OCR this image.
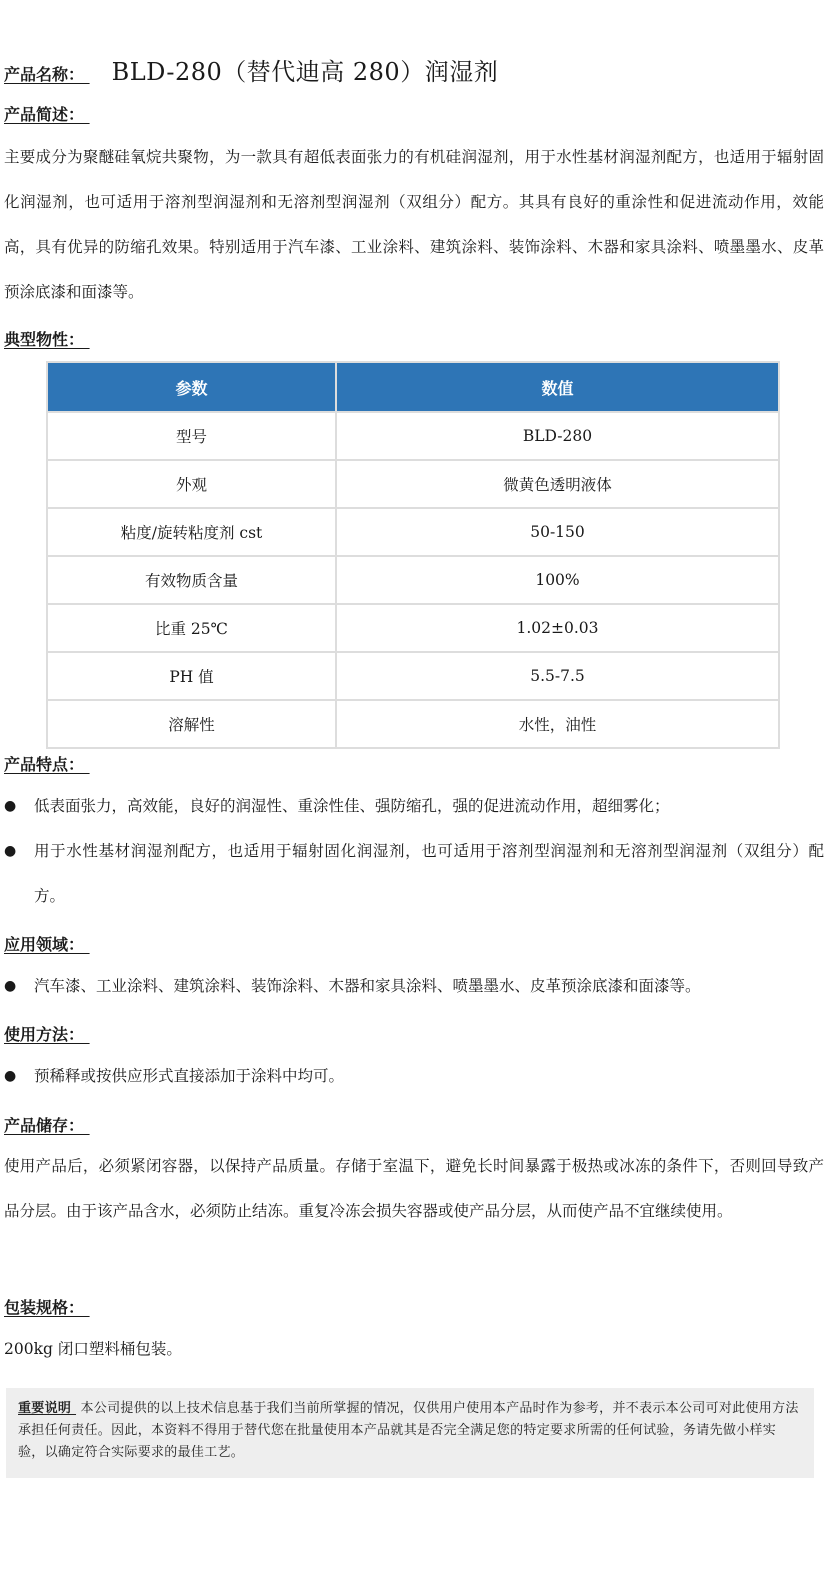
产品名称： BLD-280（替代迪高 280）润湿剂
产品简述：

主要成分为聚醚硅氧烷共聚物，为一款具有超低表面张力的有机硅润湿剂，用于水性基材润湿剂配方，也适用于辐射固化润湿剂，也可适用于溶剂型润湿剂和无溶剂型润湿剂（双组分）配方。其具有良好的重涂性和促进流动作用，效能高，具有优异的防缩孔效果。特别适用于汽车漆、工业涂料、建筑涂料、装饰涂料、木器和家具涂料、喷墨墨水、皮革预涂底漆和面漆等。

典型物性：
参数	数值
型号	BLD-280
外观	微黄色透明液体
粘度/旋转粘度剂 cst	50-150
有效物质含量	100%
比重 25℃	1.02±0.03
PH 值	5.5-7.5
溶解性	水性，油性
产品特点：
●	低表面张力，高效能，良好的润湿性、重涂性佳、强防缩孔，强的促进流动作用，超细雾化；
●	用于水性基材润湿剂配方，也适用于辐射固化润湿剂，也可适用于溶剂型润湿剂和无溶剂型润湿剂（双组分）配方。
应用领域：
●	汽车漆、工业涂料、建筑涂料、装饰涂料、木器和家具涂料、喷墨墨水、皮革预涂底漆和面漆等。
使用方法：
●	预稀释或按供应形式直接添加于涂料中均可。
产品储存：

使用产品后，必须紧闭容器，以保持产品质量。存储于室温下，避免长时间暴露于极热或冰冻的条件下，否则回导致产品分层。由于该产品含水，必须防止结冻。重复冷冻会损失容器或使产品分层，从而使产品不宜继续使用。

包装规格：

200kg 闭口塑料桶包装。

重要说明  本公司提供的以上技术信息基于我们当前所掌握的情况，仅供用户使用本产品时作为参考，并不表示本公司可对此使用方法承担任何责任。因此，本资料不得用于替代您在批量使用本产品就其是否完全满足您的特定要求所需的任何试验，务请先做小样实验，以确定符合实际要求的最佳工艺。
